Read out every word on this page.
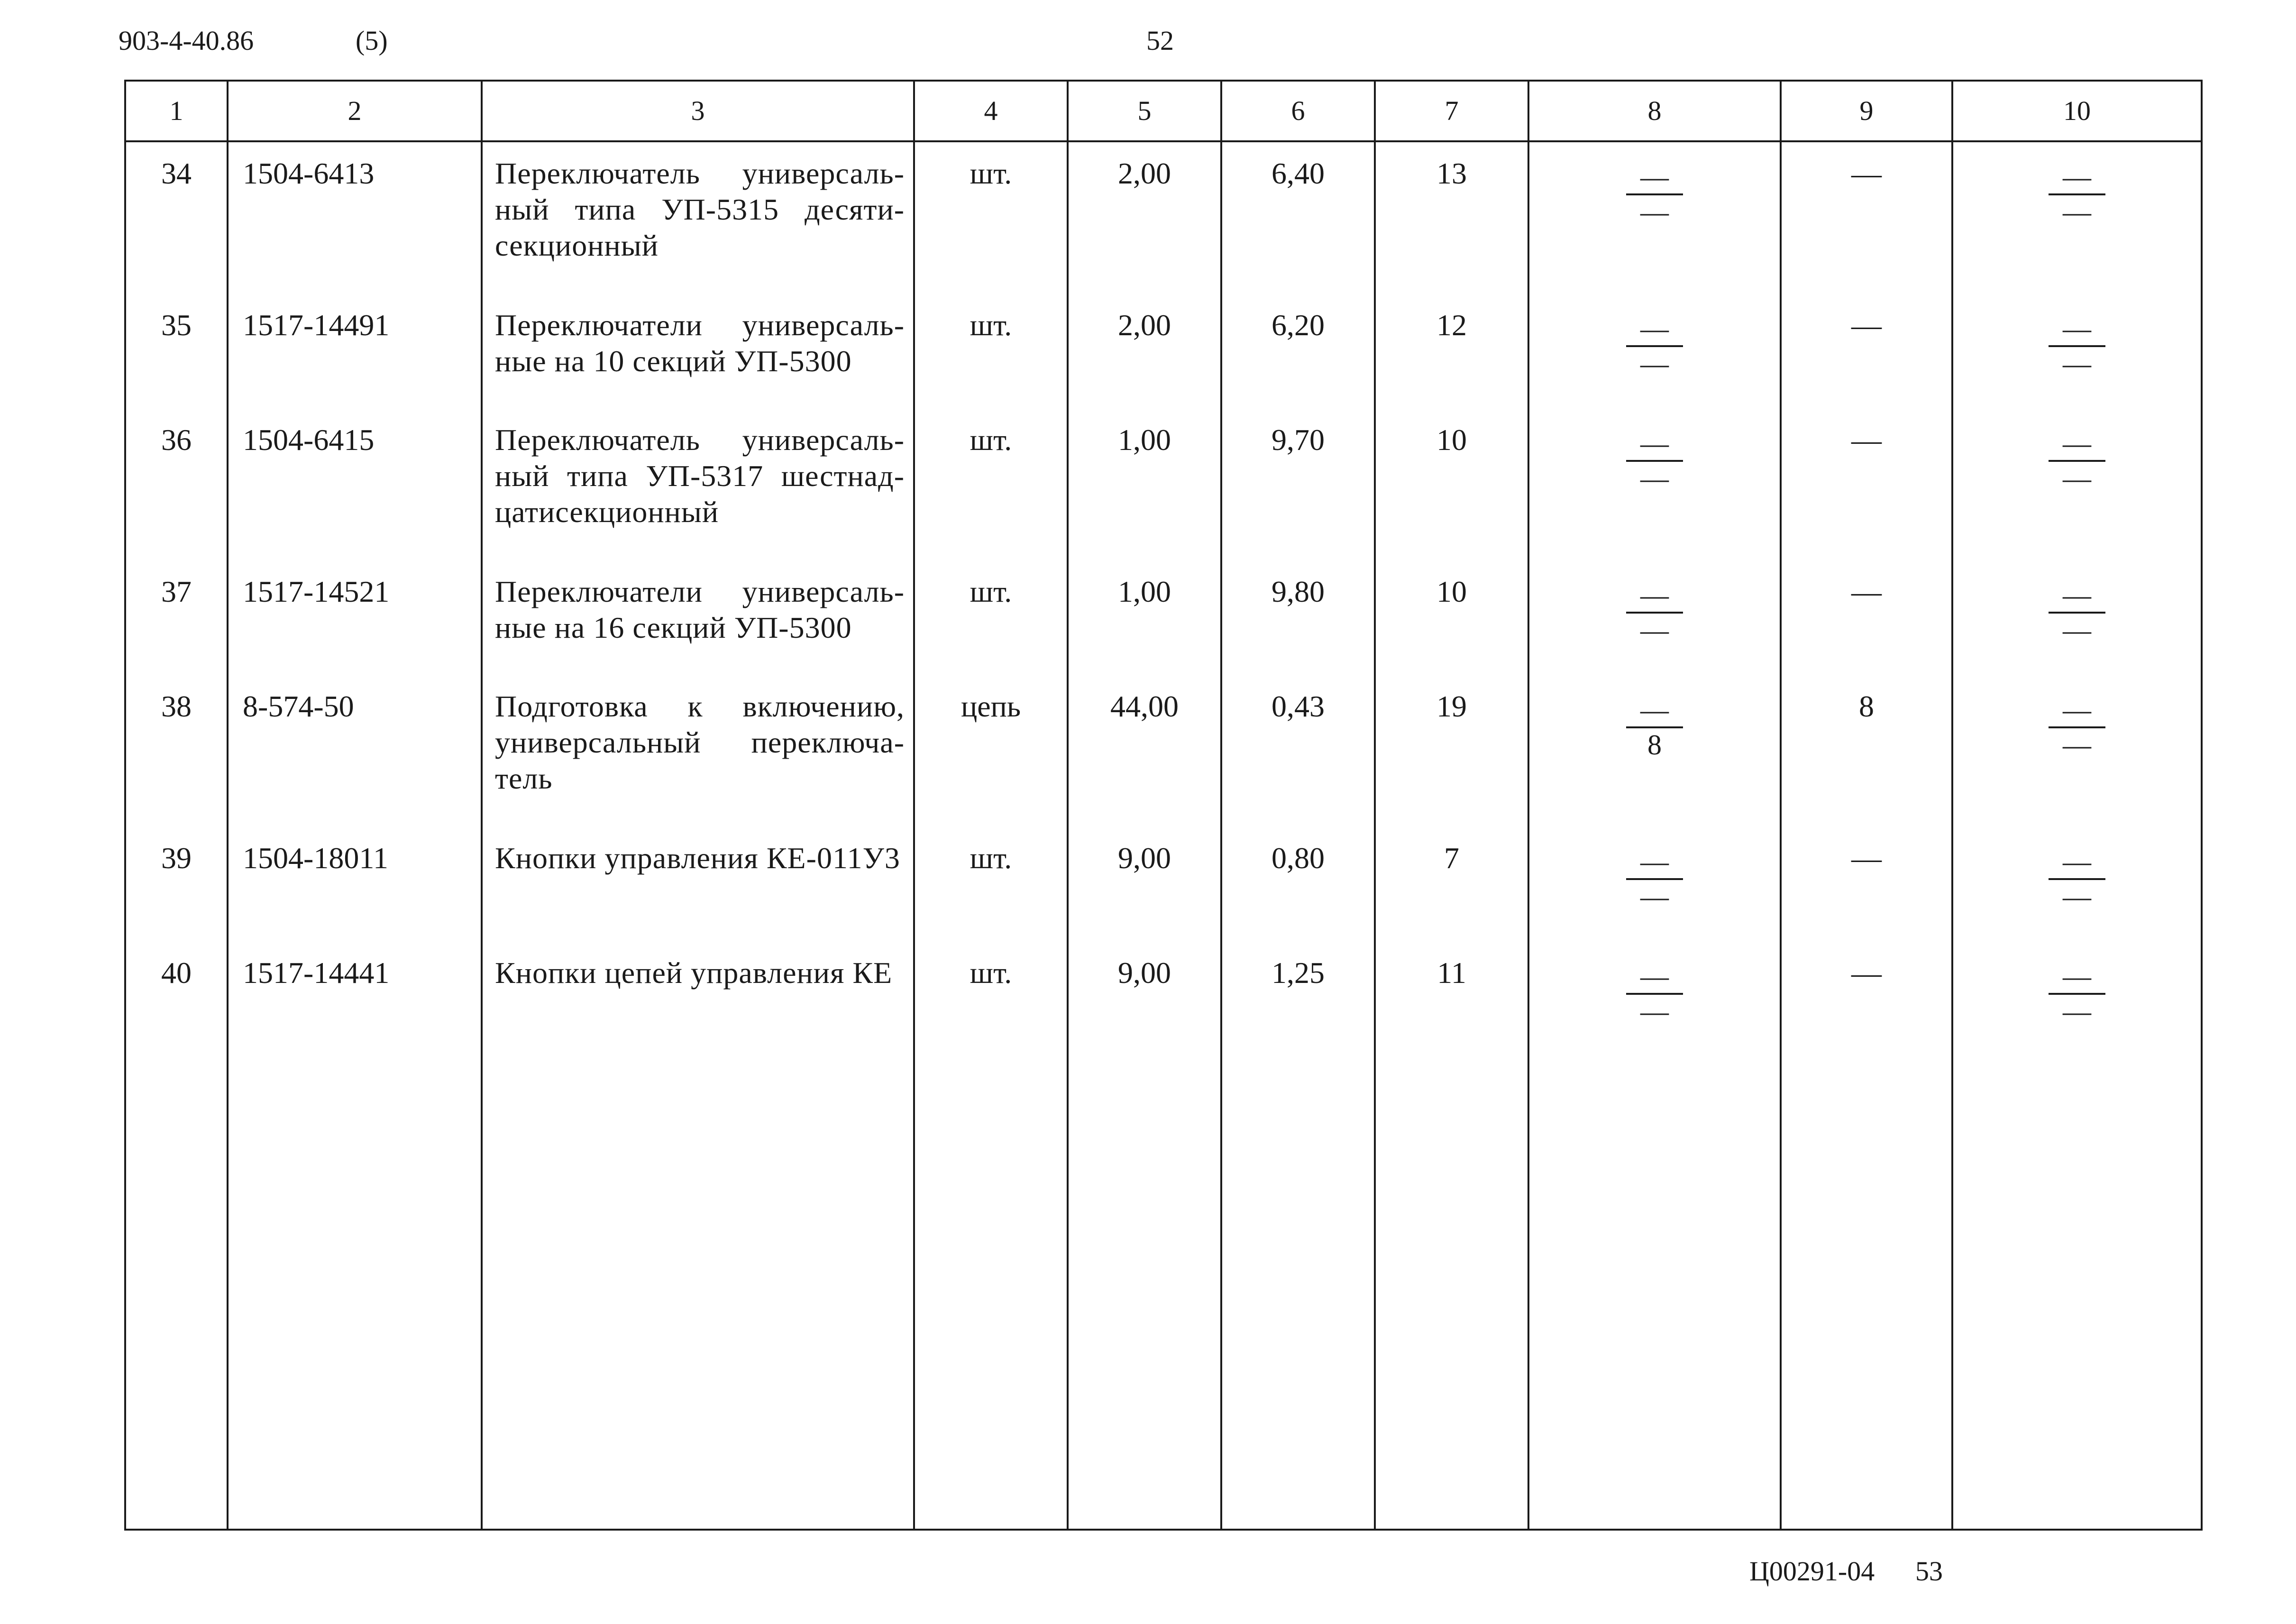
903-4-40.86	(5)	52
1	2	3	4	5	6	7	8	9	10
34	1504-6413	Переключатель универсаль-ный типа УП-5315 десяти-секционный	шт.	2,00	6,40	13	$\frac{—}{—}$	—	$\frac{—}{—}$

35	1517-14491	Переключатели универсаль-ные на 10 секций УП-5300	шт.	2,00	6,20	12	$\frac{—}{—}$	—	$\frac{—}{—}$

36	1504-6415	Переключатель универсаль-ный типа УП-5317 шестнад-цатисекционный	шт.	1,00	9,70	10	$\frac{—}{—}$	—	$\frac{—}{—}$

37	1517-14521	Переключатели универсаль-ные на 16 секций УП-5300	шт.	1,00	9,80	10	$\frac{—}{—}$	—	$\frac{—}{—}$

38	8-574-50	Подготовка к включению, универсальный переключа-тель	цепь	44,00	0,43	19	$\frac{—}{8}$	8	$\frac{—}{—}$

39	1504-18011	Кнопки управления КЕ-011У3	шт.	9,00	0,80	7	$\frac{—}{—}$	—	$\frac{—}{—}$

40	1517-14441	Кнопки цепей управления КЕ	шт.	9,00	1,25	11	$\frac{—}{—}$	—	$\frac{—}{—}$

Ц00291-04 53
